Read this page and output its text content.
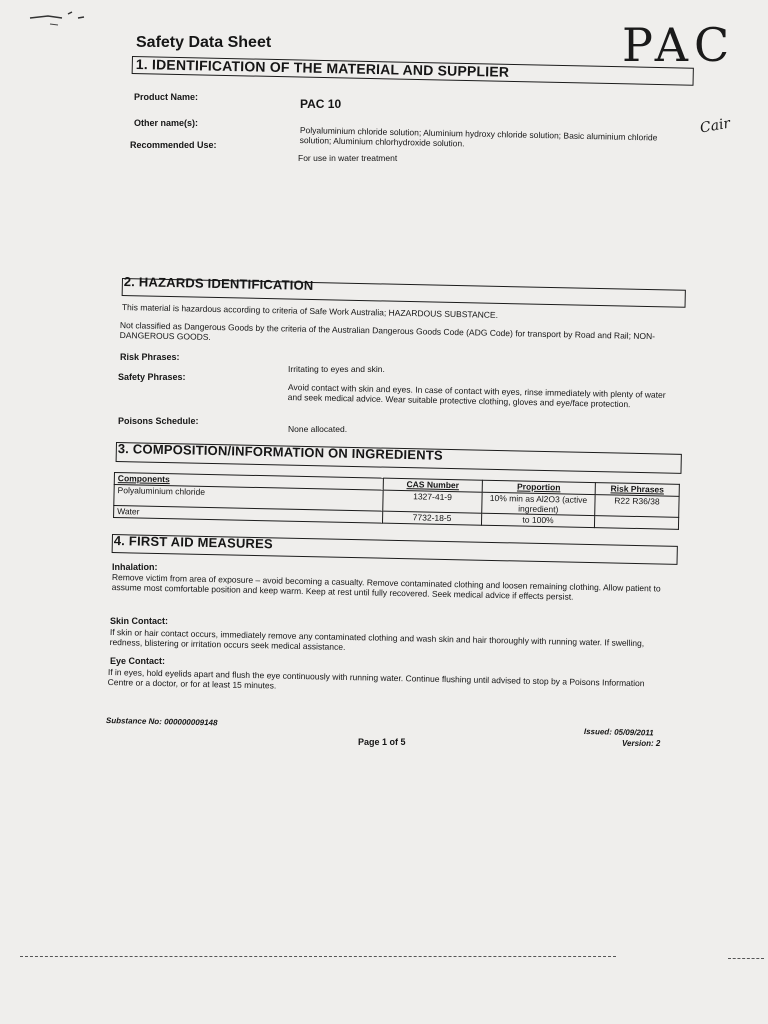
PAC
Cair
Safety Data Sheet
1. IDENTIFICATION OF THE MATERIAL AND SUPPLIER
Product Name:	PAC 10
Other name(s):
Polyaluminium chloride solution; Aluminium hydroxy chloride solution; Basic aluminium chloride solution; Aluminium chlorhydroxide solution.
Recommended Use:
For use in water treatment
2. HAZARDS IDENTIFICATION
This material is hazardous according to criteria of Safe Work Australia; HAZARDOUS SUBSTANCE.
Not classified as Dangerous Goods by the criteria of the Australian Dangerous Goods Code (ADG Code) for transport by Road and Rail; NON-DANGEROUS GOODS.
Risk Phrases:
Irritating to eyes and skin.
Safety Phrases:
Avoid contact with skin and eyes. In case of contact with eyes, rinse immediately with plenty of water and seek medical advice. Wear suitable protective clothing, gloves and eye/face protection.
Poisons Schedule:
None allocated.
3. COMPOSITION/INFORMATION ON INGREDIENTS
Components	CAS Number	Proportion	Risk Phrases
Polyaluminium chloride	1327-41-9	10% min as Al2O3 (active ingredient)	R22 R36/38
Water	7732-18-5	to 100%	
4. FIRST AID MEASURES
Inhalation:
Remove victim from area of exposure – avoid becoming a casualty. Remove contaminated clothing and loosen remaining clothing. Allow patient to assume most comfortable position and keep warm. Keep at rest until fully recovered. Seek medical advice if effects persist.
Skin Contact:
If skin or hair contact occurs, immediately remove any contaminated clothing and wash skin and hair thoroughly with running water. If swelling, redness, blistering or irritation occurs seek medical assistance.
Eye Contact:
If in eyes, hold eyelids apart and flush the eye continuously with running water. Continue flushing until advised to stop by a Poisons Information Centre or a doctor, or for at least 15 minutes.
Substance No: 000000009148
Page 1 of 5
Issued: 05/09/2011
Version: 2
